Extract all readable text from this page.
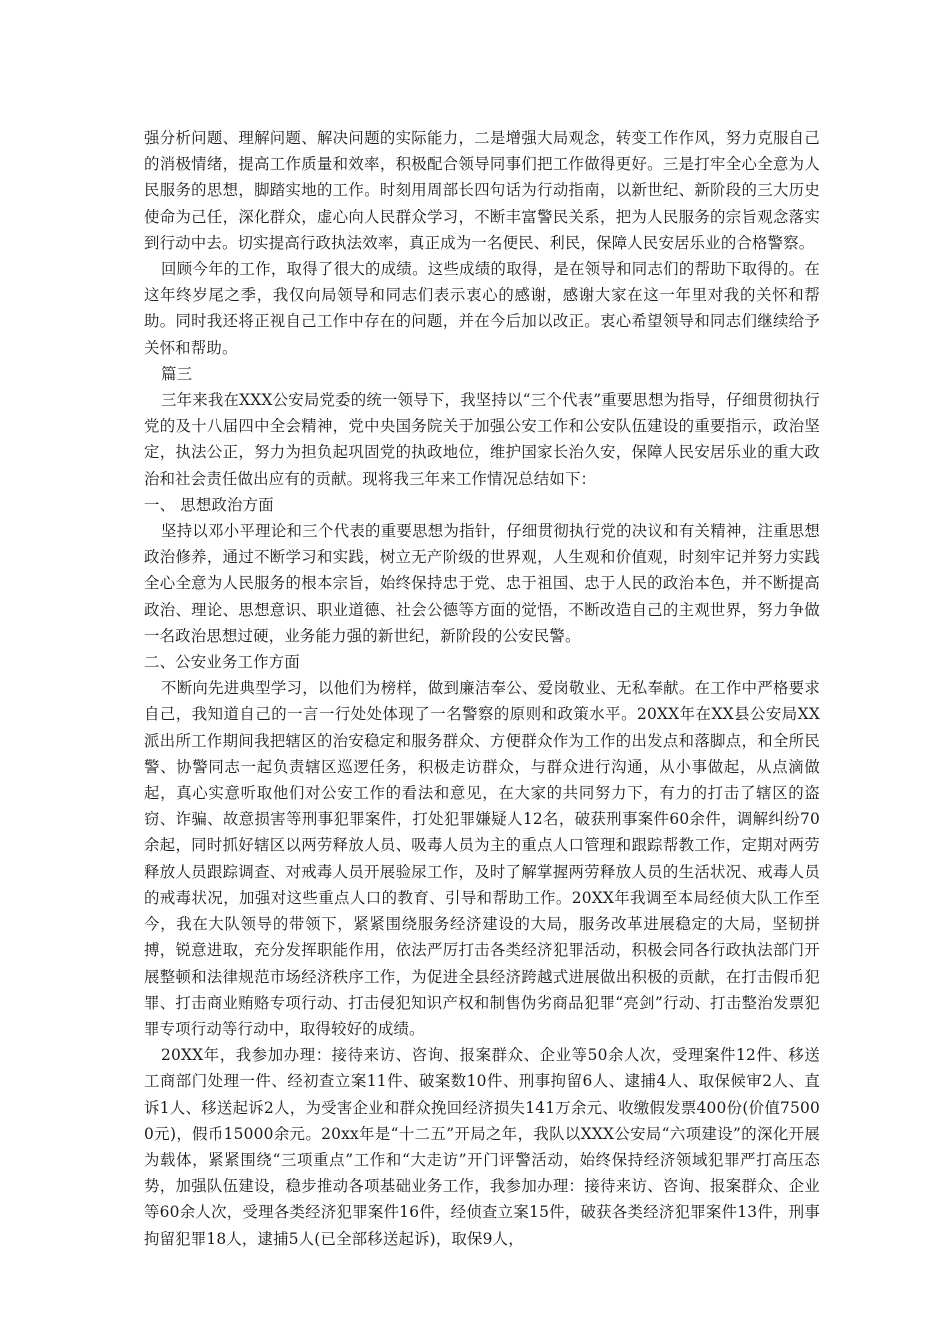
强分析问题、理解问题、解决问题的实际能力，二是增强大局观念，转变工作作风，努力克服自己的消极情绪，提高工作质量和效率，积极配合领导同事们把工作做得更好。三是打牢全心全意为人民服务的思想，脚踏实地的工作。时刻用周部长四句话为行动指南，以新世纪、新阶段的三大历史使命为己任，深化群众，虚心向人民群众学习，不断丰富警民关系，把为人民服务的宗旨观念落实到行动中去。切实提高行政执法效率，真正成为一名便民、利民，保障人民安居乐业的合格警察。

回顾今年的工作，取得了很大的成绩。这些成绩的取得，是在领导和同志们的帮助下取得的。在这年终岁尾之季，我仅向局领导和同志们表示衷心的感谢，感谢大家在这一年里对我的关怀和帮助。同时我还将正视自己工作中存在的问题，并在今后加以改正。衷心希望领导和同志们继续给予关怀和帮助。

篇三

三年来我在XXX公安局党委的统一领导下，我坚持以“三个代表”重要思想为指导，仔细贯彻执行党的及十八届四中全会精神，党中央国务院关于加强公安工作和公安队伍建设的重要指示，政治坚定，执法公正，努力为担负起巩固党的执政地位，维护国家长治久安，保障人民安居乐业的重大政治和社会责任做出应有的贡献。现将我三年来工作情况总结如下：

一、 思想政治方面

坚持以邓小平理论和三个代表的重要思想为指针，仔细贯彻执行党的决议和有关精神，注重思想政治修养，通过不断学习和实践，树立无产阶级的世界观，人生观和价值观，时刻牢记并努力实践全心全意为人民服务的根本宗旨，始终保持忠于党、忠于祖国、忠于人民的政治本色，并不断提高政治、理论、思想意识、职业道德、社会公德等方面的觉悟，不断改造自己的主观世界，努力争做一名政治思想过硬，业务能力强的新世纪，新阶段的公安民警。

二、公安业务工作方面

不断向先进典型学习，以他们为榜样，做到廉洁奉公、爱岗敬业、无私奉献。在工作中严格要求自己，我知道自己的一言一行处处体现了一名警察的原则和政策水平。20XX年在XX县公安局XX派出所工作期间我把辖区的治安稳定和服务群众、方便群众作为工作的出发点和落脚点，和全所民警、协警同志一起负责辖区巡逻任务，积极走访群众，与群众进行沟通，从小事做起，从点滴做起，真心实意听取他们对公安工作的看法和意见，在大家的共同努力下，有力的打击了辖区的盗窃、诈骗、故意损害等刑事犯罪案件，打处犯罪嫌疑人12名，破获刑事案件60余件，调解纠纷70余起，同时抓好辖区以两劳释放人员、吸毒人员为主的重点人口管理和跟踪帮教工作，定期对两劳释放人员跟踪调查、对戒毒人员开展验尿工作，及时了解掌握两劳释放人员的生活状况、戒毒人员的戒毒状况，加强对这些重点人口的教育、引导和帮助工作。20XX年我调至本局经侦大队工作至今，我在大队领导的带领下，紧紧围绕服务经济建设的大局，服务改革进展稳定的大局，坚韧拼搏，锐意进取，充分发挥职能作用，依法严厉打击各类经济犯罪活动，积极会同各行政执法部门开展整顿和法律规范市场经济秩序工作，为促进全县经济跨越式进展做出积极的贡献，在打击假币犯罪、打击商业贿赂专项行动、打击侵犯知识产权和制售伪劣商品犯罪“亮剑”行动、打击整治发票犯罪专项行动等行动中，取得较好的成绩。

20XX年，我参加办理：接待来访、咨询、报案群众、企业等50余人次，受理案件12件、移送工商部门处理一件、经初查立案11件、破案数10件、刑事拘留6人、逮捕4人、取保候审2人、直诉1人、移送起诉2人，为受害企业和群众挽回经济损失141万余元、收缴假发票400份(价值75000元)，假币15000余元。20xx年是“十二五”开局之年，我队以XXX公安局“六项建设”的深化开展为载体，紧紧围绕“三项重点”工作和“大走访”开门评警活动，始终保持经济领域犯罪严打高压态势，加强队伍建设，稳步推动各项基础业务工作，我参加办理：接待来访、咨询、报案群众、企业等60余人次，受理各类经济犯罪案件16件，经侦查立案15件，破获各类经济犯罪案件13件，刑事拘留犯罪18人，逮捕5人(已全部移送起诉)，取保9人，
